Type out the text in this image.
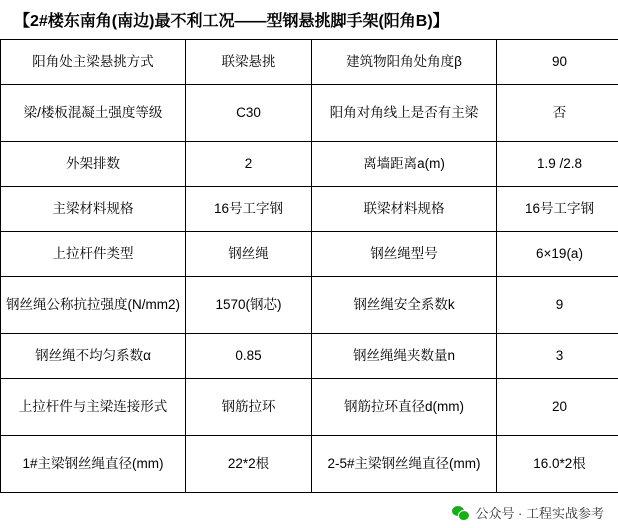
【2#楼东南角(南边)最不利工况——型钢悬挑脚手架(阳角B)】
阳角处主梁悬挑方式	联梁悬挑	建筑物阳角处角度β	90
梁/楼板混凝土强度等级	C30	阳角对角线上是否有主梁	否
外架排数	2	离墙距离a(m)	1.9 /2.8
主梁材料规格	16号工字钢	联梁材料规格	16号工字钢
上拉杆件类型	钢丝绳	钢丝绳型号	6×19(a)
钢丝绳公称抗拉强度(N/mm2)	1570(钢芯)	钢丝绳安全系数k	9
钢丝绳不均匀系数α	0.85	钢丝绳绳夹数量n	3
上拉杆件与主梁连接形式	钢筋拉环	钢筋拉环直径d(mm)	20
1#主梁钢丝绳直径(mm)	22*2根	2-5#主梁钢丝绳直径(mm)	16.0*2根
公众号 · 工程实战参考
